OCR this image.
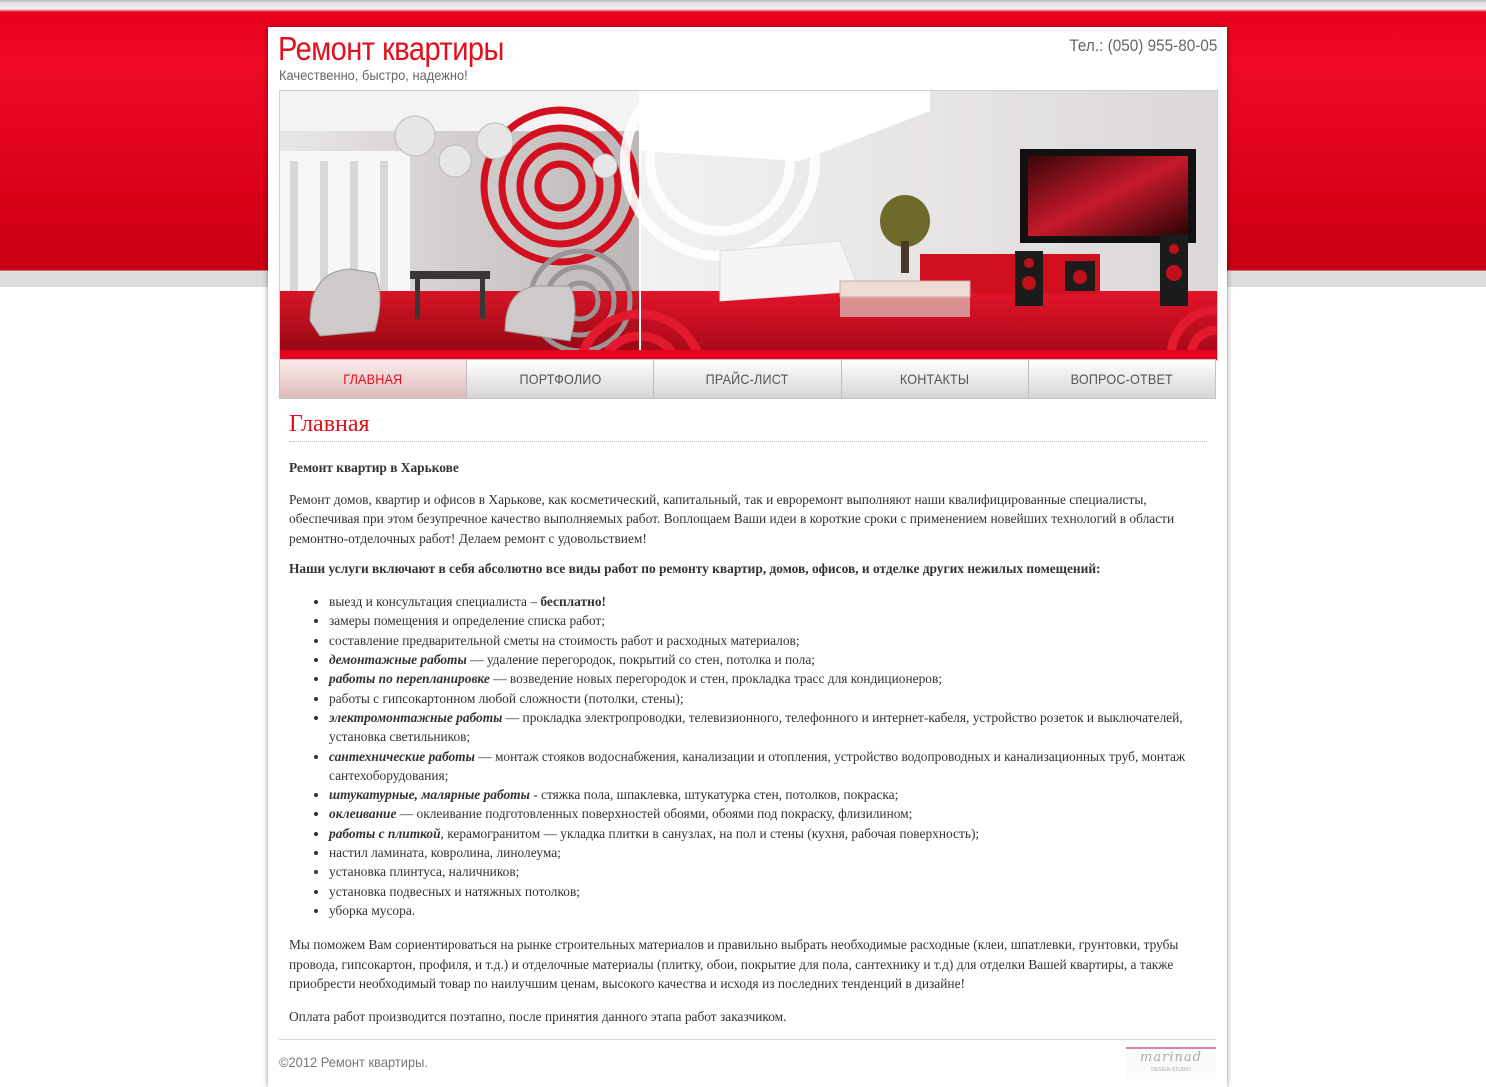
Ремонт квартиры
Качественно, быстро, надежно!
Тел.: (050) 955-80-05
ГЛАВНАЯ	ПОРТФОЛИО	ПРАЙС-ЛИСТ	КОНТАКТЫ	ВОПРОС-ОТВЕТ
Главная
Ремонт квартир в Харькове

Ремонт домов, квартир и офисов в Харькове, как косметический, капитальный, так и евроремонт выполняют наши квалифицированные специалисты, обеспечивая при этом безупречное качество выполняемых работ. Воплощаем Ваши идеи в короткие сроки с применением новейших технологий в области ремонтно-отделочных работ! Делаем ремонт с удовольствием!

Наши услуги включают в себя абсолютно все виды работ по ремонту квартир, домов, офисов, и отделке других нежилых помещений:

• выезд и консультация специалиста – бесплатно!
• замеры помещения и определение списка работ;
• составление предварительной сметы на стоимость работ и расходных материалов;
• демонтажные работы — удаление перегородок, покрытий со стен, потолка и пола;
• работы по перепланировке — возведение новых перегородок и стен, прокладка трасс для кондиционеров;
• работы с гипсокартонном любой сложности (потолки, стены);
• электромонтажные работы — прокладка электропроводки, телевизионного, телефонного и интернет-кабеля, устройство розеток и выключателей, установка светильников;
• сантехнические работы — монтаж стояков водоснабжения, канализации и отопления, устройство водопроводных и канализационных труб, монтаж сантехоборудования;
• штукатурные, малярные работы - стяжка пола, шпаклевка, штукатурка стен, потолков, покраска;
• оклеивание — оклеивание подготовленных поверхностей обоями, обоями под покраску, флизилином;
• работы с плиткой, керамогранитом — укладка плитки в санузлах, на пол и стены (кухня, рабочая поверхность);
• настил ламината, ковролина, линолеума;
• установка плинтуса, наличников;
• установка подвесных и натяжных потолков;
• уборка мусора.

Мы поможем Вам сориентироваться на рынке строительных материалов и правильно выбрать необходимые расходные (клеи, шпатлевки, грунтовки, трубы провода, гипсокартон, профиля, и т.д.) и отделочные материалы (плитку, обои, покрытие для пола, сантехнику и т.д) для отделки Вашей квартиры, а также приобрести необходимый товар по наилучшим ценам, высокого качества и исходя из последних тенденций в дизайне!

Оплата работ производится поэтапно, после принятия данного этапа работ заказчиком.

©2012 Ремонт квартиры.	marinad
DESIGN STUDIO
